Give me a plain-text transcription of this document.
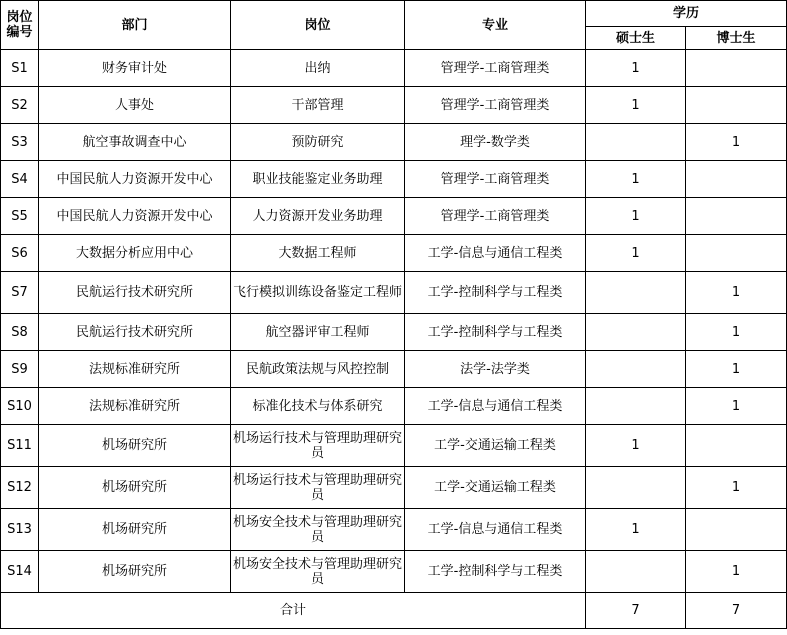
岗位编号	部门	岗位	专业	学历	
				硕士生	博士生
S1	财务审计处	出纳	管理学-工商管理类	1	
S2	人事处	干部管理	管理学-工商管理类	1	
S3	航空事故调查中心	预防研究	理学-数学类		1
S4	中国民航人力资源开发中心	职业技能鉴定业务助理	管理学-工商管理类	1	
S5	中国民航人力资源开发中心	人力资源开发业务助理	管理学-工商管理类	1	
S6	大数据分析应用中心	大数据工程师	工学-信息与通信工程类	1	
S7	民航运行技术研究所	飞行模拟训练设备鉴定工程师	工学-控制科学与工程类		1
S8	民航运行技术研究所	航空器评审工程师	工学-控制科学与工程类		1
S9	法规标准研究所	民航政策法规与风控控制	法学-法学类		1
S10	法规标准研究所	标准化技术与体系研究	工学-信息与通信工程类		1
S11	机场研究所	机场运行技术与管理助理研究员	工学-交通运输工程类	1	
S12	机场研究所	机场运行技术与管理助理研究员	工学-交通运输工程类		1
S13	机场研究所	机场安全技术与管理助理研究员	工学-信息与通信工程类	1	
S14	机场研究所	机场安全技术与管理助理研究员	工学-控制科学与工程类		1
合计				7	7
